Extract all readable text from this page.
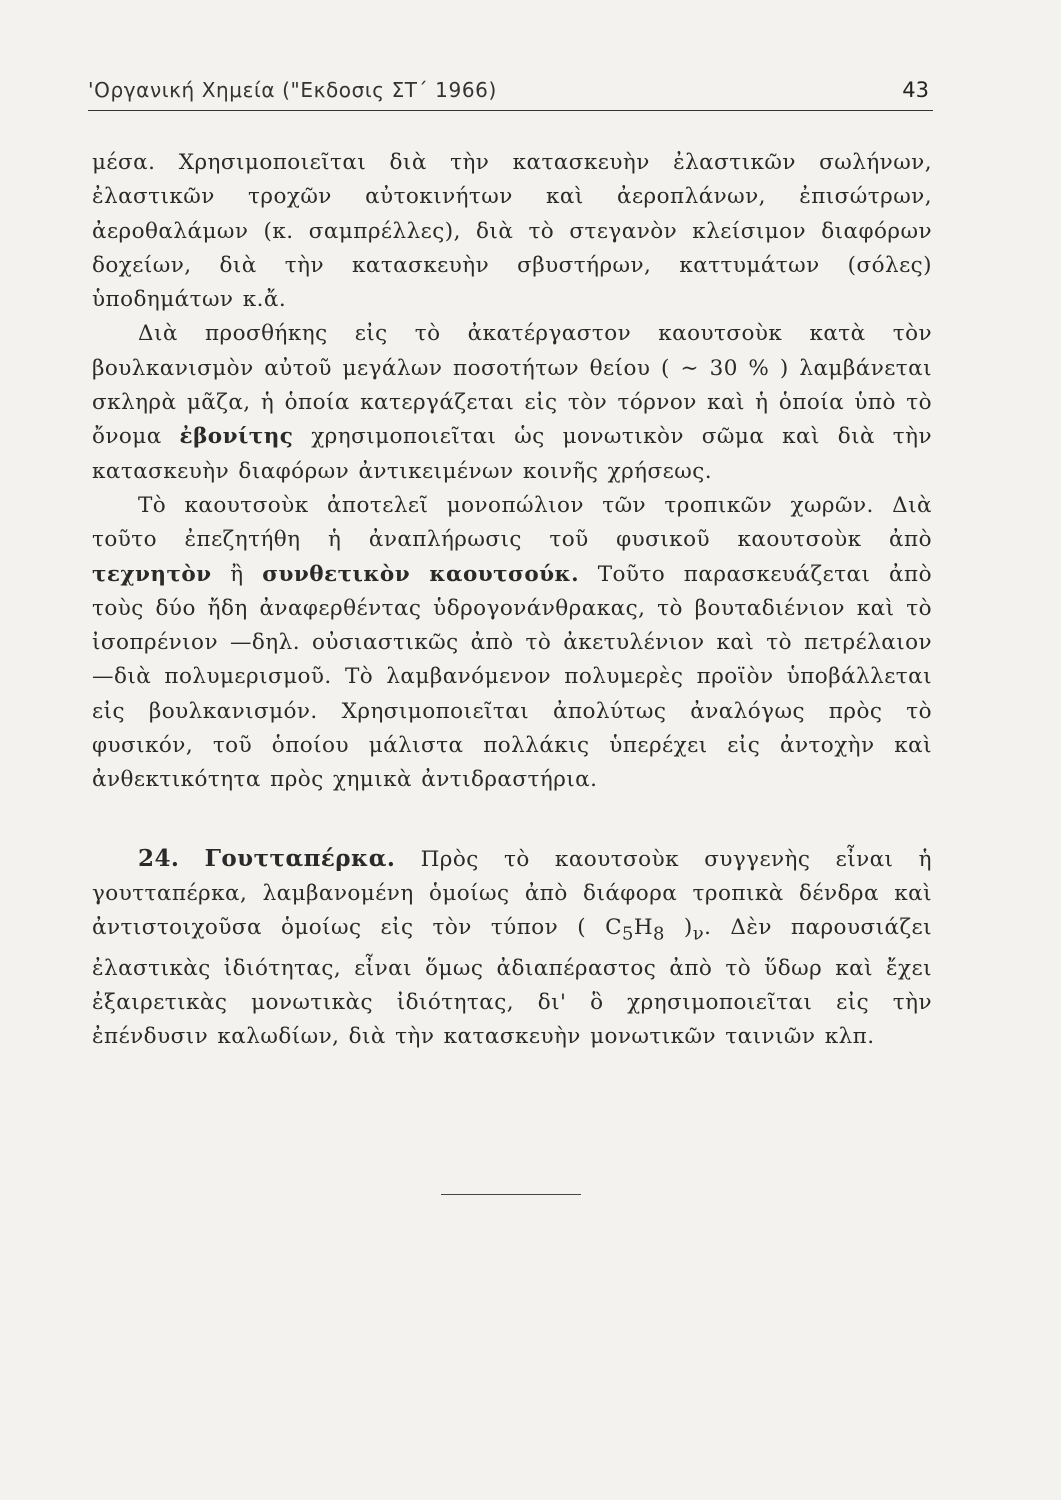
'Οργανική Χημεία ("Εκδοσις ΣΤ΄ 1966)	43

μέσα. Χρησιμοποιεῖται διὰ τὴν κατασκευὴν ἐλαστικῶν σωλήνων, ἐλαστικῶν τροχῶν αὐτοκινήτων καὶ ἀεροπλάνων, ἐπισώτρων, ἀεροθαλάμων (κ. σαμπρέλλες), διὰ τὸ στεγανὸν κλείσιμον διαφόρων δοχείων, διὰ τὴν κατασκευὴν σβυστήρων, καττυμάτων (σόλες) ὑποδημάτων κ.ἄ.

Διὰ προσθήκης εἰς τὸ ἀκατέργαστον καουτσοὺκ κατὰ τὸν βουλκανισμὸν αὐτοῦ μεγάλων ποσοτήτων θείου ( ∼ 30 % ) λαμβάνεται σκληρὰ μᾶζα, ἡ ὁποία κατεργάζεται εἰς τὸν τόρνον καὶ ἡ ὁποία ὑπὸ τὸ ὄνομα ἐβονίτης χρησιμοποιεῖται ὡς μονωτικὸν σῶμα καὶ διὰ τὴν κατασκευὴν διαφόρων ἀντικειμένων κοινῆς χρήσεως.

Τὸ καουτσοὺκ ἀποτελεῖ μονοπώλιον τῶν τροπικῶν χωρῶν. Διὰ τοῦτο ἐπεζητήθη ἡ ἀναπλήρωσις τοῦ φυσικοῦ καουτσοὺκ ἀπὸ τεχνητὸν ἢ συνθετικὸν καουτσούκ. Τοῦτο παρασκευάζεται ἀπὸ τοὺς δύο ἤδη ἀναφερθέντας ὑδρογονάνθρακας, τὸ βουταδιένιον καὶ τὸ ἰσοπρένιον —δηλ. οὐσιαστικῶς ἀπὸ τὸ ἀκετυλένιον καὶ τὸ πετρέλαιον—διὰ πολυμερισμοῦ. Τὸ λαμβανόμενον πολυμερὲς προϊὸν ὑποβάλλεται εἰς βουλκανισμόν. Χρησιμοποιεῖται ἀπολύτως ἀναλόγως πρὸς τὸ φυσικόν, τοῦ ὁποίου μάλιστα πολλάκις ὑπερέχει εἰς ἀντοχὴν καὶ ἀνθεκτικότητα πρὸς χημικὰ ἀντιδραστήρια.

24. Γουτταπέρκα. Πρὸς τὸ καουτσοὺκ συγγενὴς εἶναι ἡ γουτταπέρκα, λαμβανομένη ὁμοίως ἀπὸ διάφορα τροπικὰ δένδρα καὶ ἀντιστοιχοῦσα ὁμοίως εἰς τὸν τύπον ( $C_5H_8$ )$_\nu$. Δὲν παρουσιάζει ἐλαστικὰς ἰδιότητας, εἶναι ὅμως ἀδιαπέραστος ἀπὸ τὸ ὕδωρ καὶ ἔχει ἐξαιρετικὰς μονωτικὰς ἰδιότητας, δι' ὃ χρησιμοποιεῖται εἰς τὴν ἐπένδυσιν καλωδίων, διὰ τὴν κατασκευὴν μονωτικῶν ταινιῶν κλπ.
